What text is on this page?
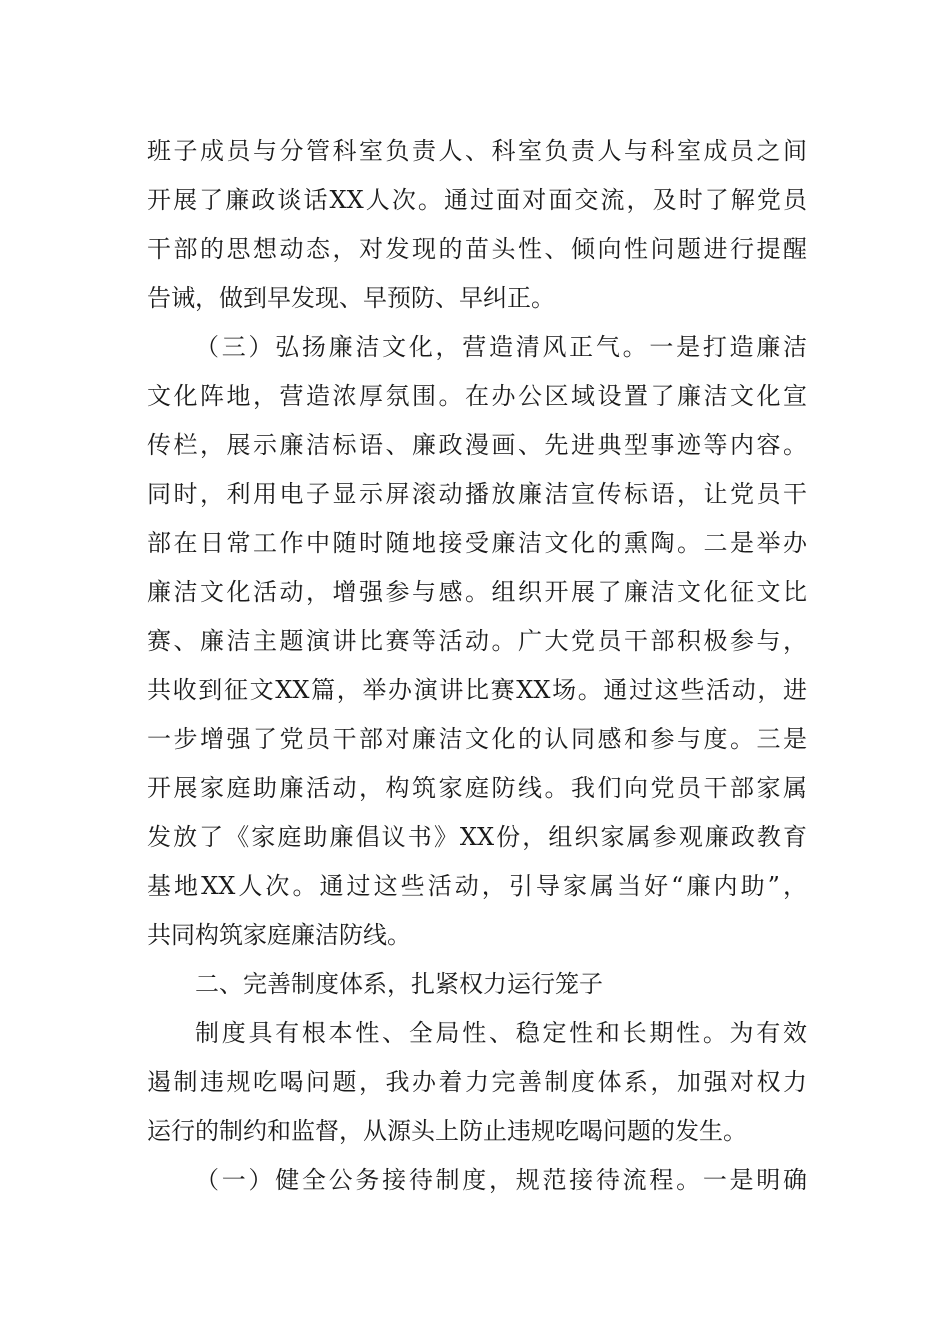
班子成员与分管科室负责人、科室负责人与科室成员之间
开展了廉政谈话XX人次。通过面对面交流，及时了解党员
干部的思想动态，对发现的苗头性、倾向性问题进行提醒
告诫，做到早发现、早预防、早纠正。
（三）弘扬廉洁文化，营造清风正气。一是打造廉洁
文化阵地，营造浓厚氛围。在办公区域设置了廉洁文化宣
传栏，展示廉洁标语、廉政漫画、先进典型事迹等内容。
同时，利用电子显示屏滚动播放廉洁宣传标语，让党员干
部在日常工作中随时随地接受廉洁文化的熏陶。二是举办
廉洁文化活动，增强参与感。组织开展了廉洁文化征文比
赛、廉洁主题演讲比赛等活动。广大党员干部积极参与，
共收到征文XX篇，举办演讲比赛XX场。通过这些活动，进
一步增强了党员干部对廉洁文化的认同感和参与度。三是
开展家庭助廉活动，构筑家庭防线。我们向党员干部家属
发放了《家庭助廉倡议书》XX份，组织家属参观廉政教育
基地XX人次。通过这些活动，引导家属当好“廉内助”，
共同构筑家庭廉洁防线。
二、完善制度体系，扎紧权力运行笼子
制度具有根本性、全局性、稳定性和长期性。为有效
遏制违规吃喝问题，我办着力完善制度体系，加强对权力
运行的制约和监督，从源头上防止违规吃喝问题的发生。
（一）健全公务接待制度，规范接待流程。一是明确
